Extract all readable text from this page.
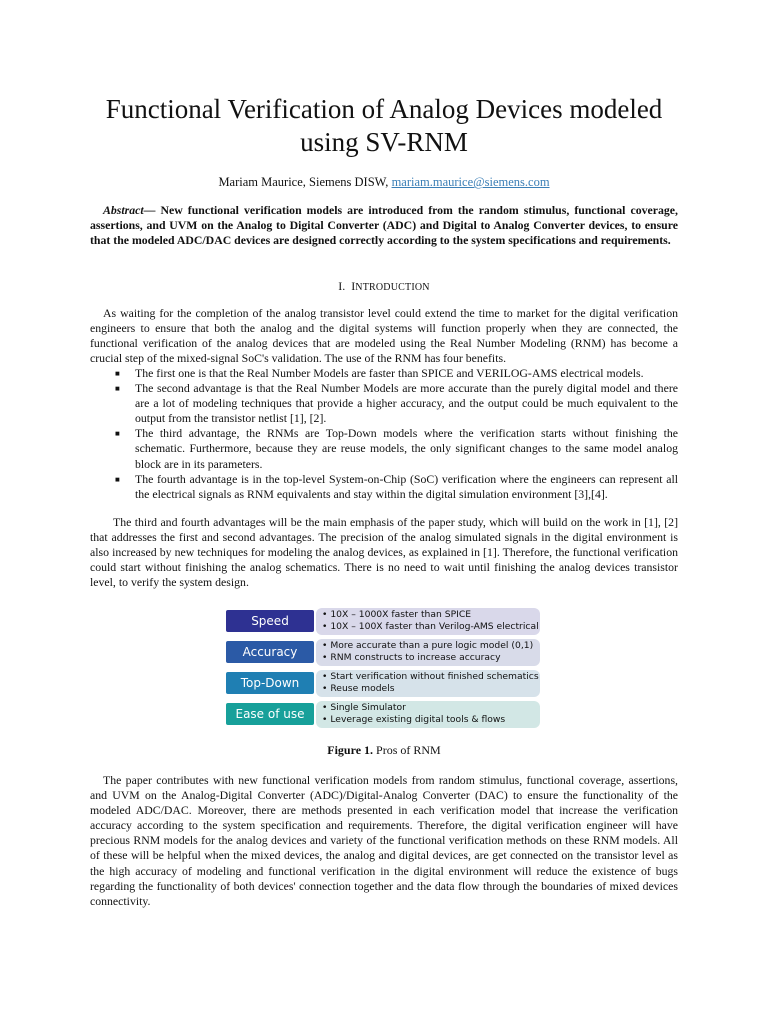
Functional Verification of Analog Devices modeled using SV-RNM
Mariam Maurice, Siemens DISW, mariam.maurice@siemens.com

Abstract— New functional verification models are introduced from the random stimulus, functional coverage, assertions, and UVM on the Analog to Digital Converter (ADC) and Digital to Analog Converter devices, to ensure that the modeled ADC/DAC devices are designed correctly according to the system specifications and requirements.

I. INTRODUCTION

As waiting for the completion of the analog transistor level could extend the time to market for the digital verification engineers to ensure that both the analog and the digital systems will function properly when they are connected, the functional verification of the analog devices that are modeled using the Real Number Modeling (RNM) has become a crucial step of the mixed-signal SoC's validation. The use of the RNM has four benefits.

■ The first one is that the Real Number Models are faster than SPICE and VERILOG-AMS electrical models.
■ The second advantage is that the Real Number Models are more accurate than the purely digital model and there are a lot of modeling techniques that provide a higher accuracy, and the output could be much equivalent to the output from the transistor netlist [1], [2].
■ The third advantage, the RNMs are Top-Down models where the verification starts without finishing the schematic. Furthermore, because they are reuse models, the only significant changes to the same model analog block are in its parameters.
■ The fourth advantage is in the top-level System-on-Chip (SoC) verification where the engineers can represent all the electrical signals as RNM equivalents and stay within the digital simulation environment [3],[4].

The third and fourth advantages will be the main emphasis of the paper study, which will build on the work in [1], [2] that addresses the first and second advantages. The precision of the analog simulated signals in the digital environment is also increased by new techniques for modeling the analog devices, as explained in [1]. Therefore, the functional verification could start without finishing the analog schematics. There is no need to wait until finishing the analog devices transistor level, to verify the system design.

Speed	• 10X – 1000X faster than SPICE
• 10X – 100X faster than Verilog-AMS electrical
Accuracy	• More accurate than a pure logic model (0,1)
• RNM constructs to increase accuracy
Top-Down	• Start verification without finished schematics
• Reuse models
Ease of use	• Single Simulator
• Leverage existing digital tools & flows
Figure 1. Pros of RNM

The paper contributes with new functional verification models from random stimulus, functional coverage, assertions, and UVM on the Analog-Digital Converter (ADC)/Digital-Analog Converter (DAC) to ensure the functionality of the modeled ADC/DAC. Moreover, there are methods presented in each verification model that increase the verification accuracy according to the system specification and requirements. Therefore, the digital verification engineer will have precious RNM models for the analog devices and variety of the functional verification methods on these RNM models. All of these will be helpful when the mixed devices, the analog and digital devices, are get connected on the transistor level as the high accuracy of modeling and functional verification in the digital environment will reduce the existence of bugs regarding the functionality of both devices' connection together and the data flow through the boundaries of mixed devices connectivity.
